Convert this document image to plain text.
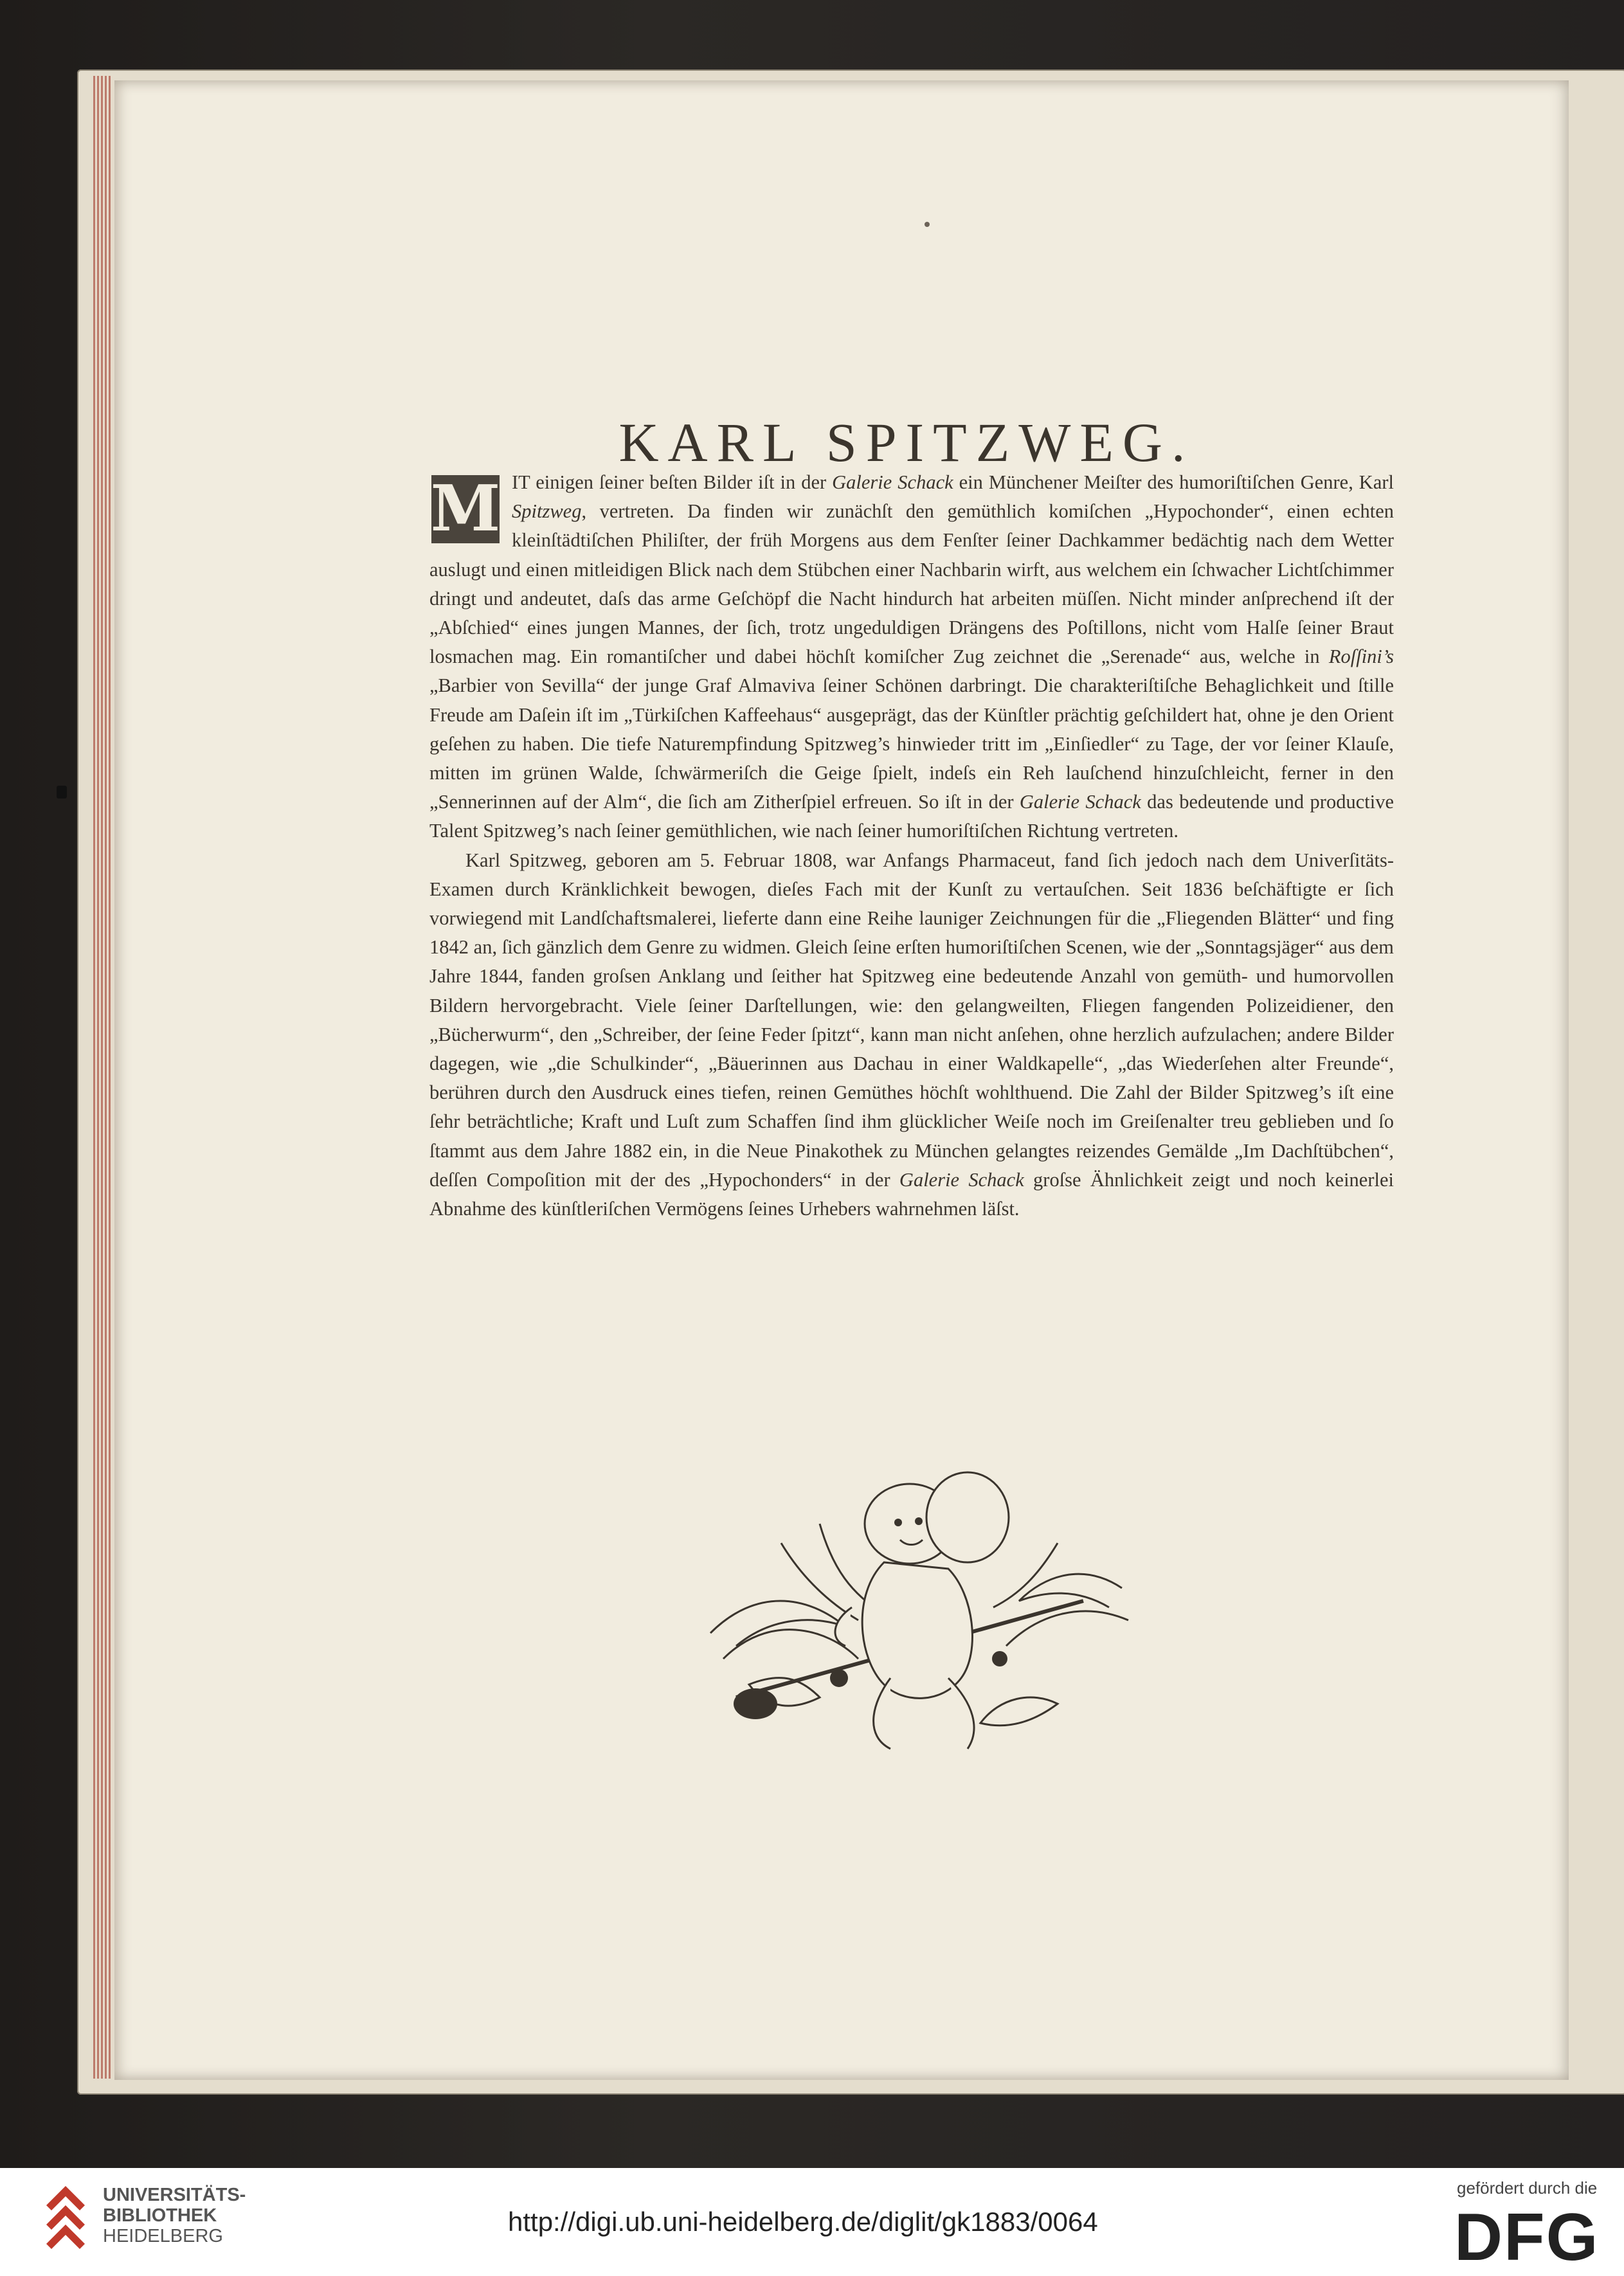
KARL SPITZWEG.

M IT einigen ſeiner beſten Bilder iſt in der Galerie Schack ein Münchener Meiſter des humoriſtiſchen Genre, Karl Spitzweg, vertreten. Da finden wir zunächſt den gemüthlich komiſchen „Hypochonder“, einen echten kleinſtädtiſchen Philiſter, der früh Morgens aus dem Fenſter ſeiner Dachkammer bedächtig nach dem Wetter auslugt und einen mitleidigen Blick nach dem Stübchen einer Nachbarin wirft, aus welchem ein ſchwacher Lichtſchimmer dringt und andeutet, daſs das arme Geſchöpf die Nacht hindurch hat arbeiten müſſen. Nicht minder anſprechend iſt der „Abſchied“ eines jungen Mannes, der ſich, trotz ungeduldigen Drängens des Poſtillons, nicht vom Halſe ſeiner Braut losmachen mag. Ein romantiſcher und dabei höchſt komiſcher Zug zeichnet die „Serenade“ aus, welche in Roſſini’s „Barbier von Sevilla“ der junge Graf Almaviva ſeiner Schönen darbringt. Die charakteriſtiſche Behaglichkeit und ſtille Freude am Daſein iſt im „Türkiſchen Kaffeehaus“ ausgeprägt, das der Künſtler prächtig geſchildert hat, ohne je den Orient geſehen zu haben. Die tiefe Naturempfindung Spitzweg’s hinwieder tritt im „Einſiedler“ zu Tage, der vor ſeiner Klauſe, mitten im grünen Walde, ſchwärmeriſch die Geige ſpielt, indeſs ein Reh lauſchend hinzuſchleicht, ferner in den „Sennerinnen auf der Alm“, die ſich am Zitherſpiel erfreuen. So iſt in der Galerie Schack das bedeutende und productive Talent Spitzweg’s nach ſeiner gemüthlichen, wie nach ſeiner humoriſtiſchen Richtung vertreten.

Karl Spitzweg, geboren am 5. Februar 1808, war Anfangs Pharmaceut, fand ſich jedoch nach dem Univerſitäts-Examen durch Kränklichkeit bewogen, dieſes Fach mit der Kunſt zu vertauſchen. Seit 1836 beſchäftigte er ſich vorwiegend mit Landſchaftsmalerei, lieferte dann eine Reihe launiger Zeichnungen für die „Fliegenden Blätter“ und fing 1842 an, ſich gänzlich dem Genre zu widmen. Gleich ſeine erſten humoriſtiſchen Scenen, wie der „Sonntagsjäger“ aus dem Jahre 1844, fanden groſsen Anklang und ſeither hat Spitzweg eine bedeutende Anzahl von gemüth- und humorvollen Bildern hervorgebracht. Viele ſeiner Darſtellungen, wie: den gelangweilten, Fliegen fangenden Polizeidiener, den „Bücherwurm“, den „Schreiber, der ſeine Feder ſpitzt“, kann man nicht anſehen, ohne herzlich aufzulachen; andere Bilder dagegen, wie „die Schulkinder“, „Bäuerinnen aus Dachau in einer Waldkapelle“, „das Wiederſehen alter Freunde“, berühren durch den Ausdruck eines tiefen, reinen Gemüthes höchſt wohlthuend. Die Zahl der Bilder Spitzweg’s iſt eine ſehr beträchtliche; Kraft und Luſt zum Schaffen ſind ihm glücklicher Weiſe noch im Greiſenalter treu geblieben und ſo ſtammt aus dem Jahre 1882 ein, in die Neue Pinakothek zu München gelangtes reizendes Gemälde „Im Dachſtübchen“, deſſen Compoſition mit der des „Hypochonders“ in der Galerie Schack groſse Ähnlichkeit zeigt und noch keinerlei Abnahme des künſtleriſchen Vermögens ſeines Urhebers wahrnehmen läſst.

UNIVERSITÄTS-
BIBLIOTHEK
HEIDELBERG	http://digi.ub.uni-heidelberg.de/diglit/gk1883/0064
gefördert durch die
DFG
